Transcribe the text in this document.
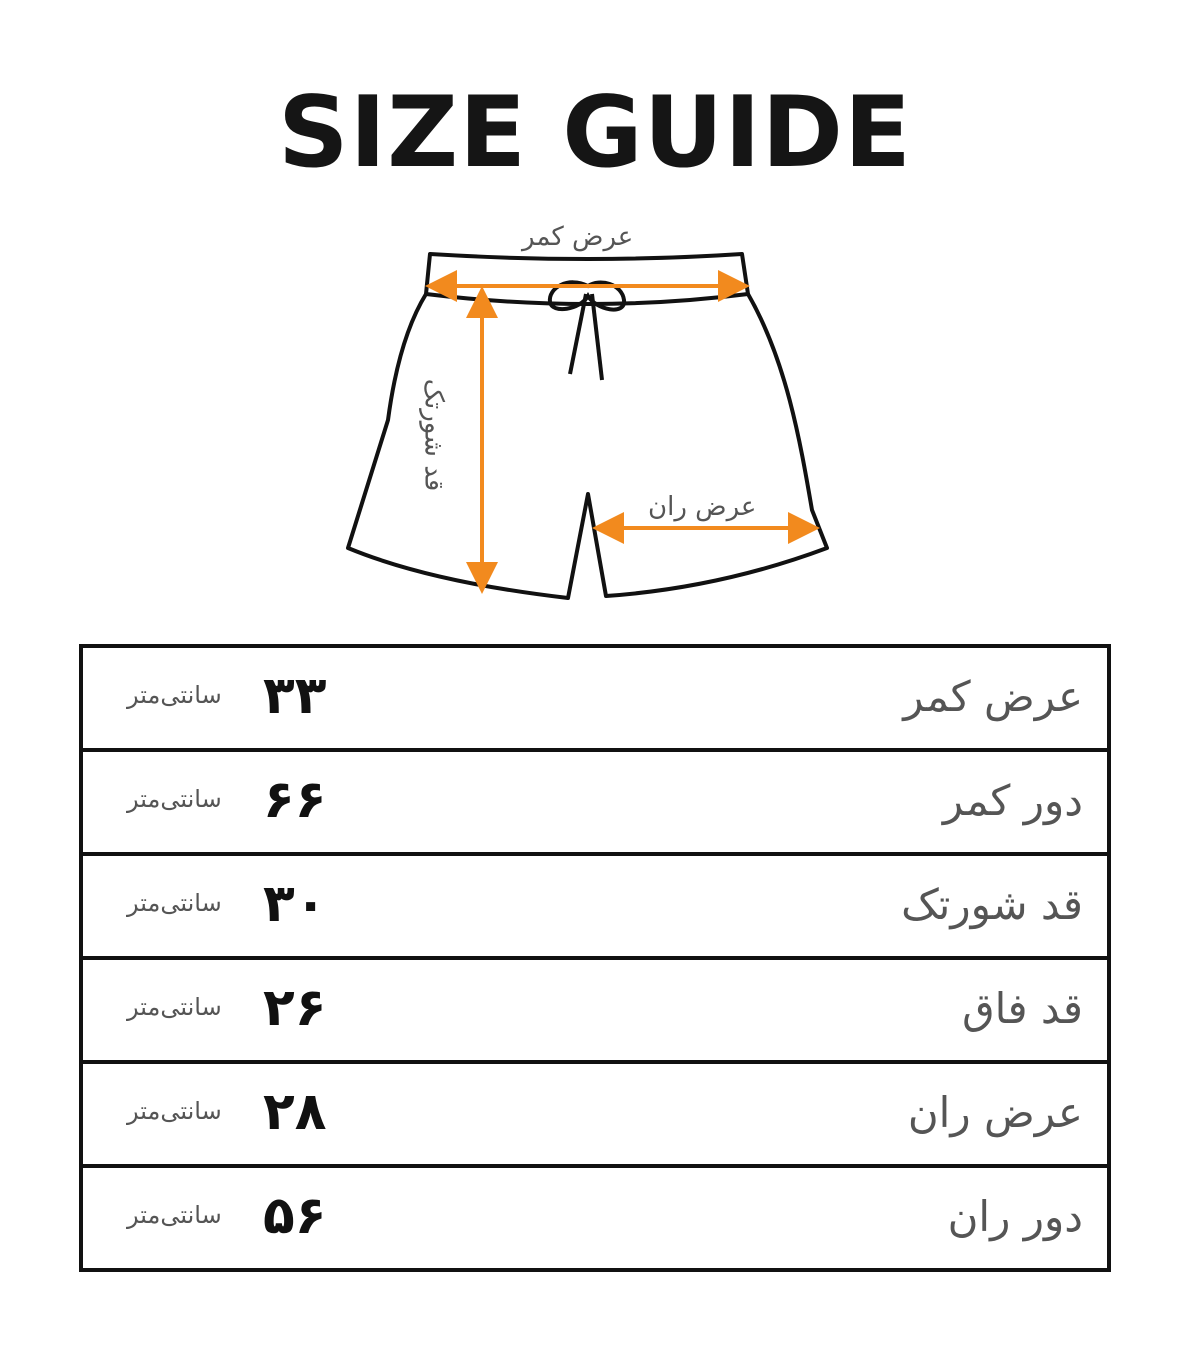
SIZE GUIDE
عرض کمر
قد شورتک
عرض ران
عرض کمر
۳۳
سانتی‌متر
دور کمر
۶۶
سانتی‌متر
قد شورتک
۳۰
سانتی‌متر
قد فاق
۲۶
سانتی‌متر
عرض ران
۲۸
سانتی‌متر
دور ران
۵۶
سانتی‌متر
